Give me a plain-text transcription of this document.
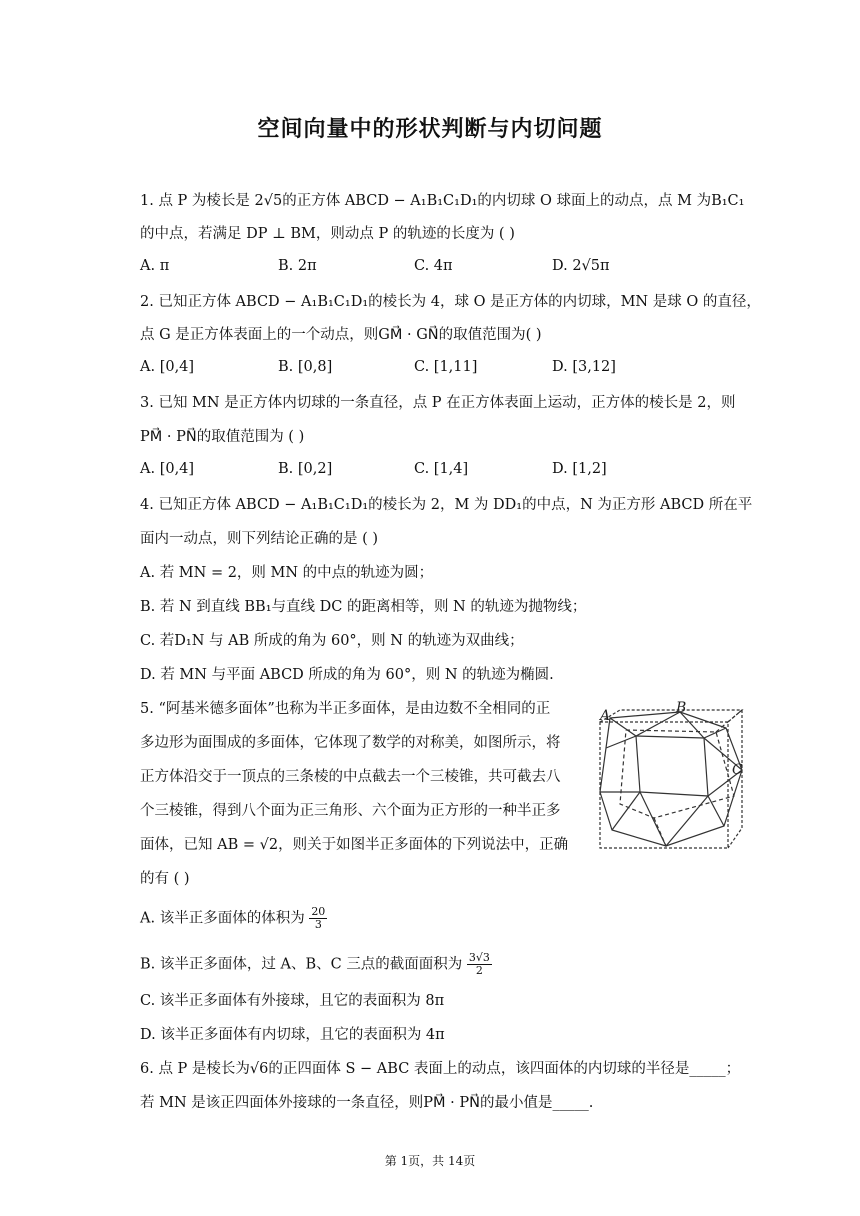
空间向量中的形状判断与内切问题
1. 点 P 为棱长是 2√5的正方体 ABCD − A₁B₁C₁D₁的内切球 O 球面上的动点，点 M 为B₁C₁
的中点，若满足 DP ⊥ BM，则动点 P 的轨迹的长度为 ( )
A. π	B. 2π	C. 4π	D. 2√5π
2. 已知正方体 ABCD − A₁B₁C₁D₁的棱长为 4，球 O 是正方体的内切球，MN 是球 O 的直径，
点 G 是正方体表面上的一个动点，则GM⃗ · GN⃗的取值范围为( )
A. [0,4]	B. [0,8]	C. [1,11]	D. [3,12]
3. 已知 MN 是正方体内切球的一条直径，点 P 在正方体表面上运动，正方体的棱长是 2，则
PM⃗ · PN⃗的取值范围为 ( )
A. [0,4]	B. [0,2]	C. [1,4]	D. [1,2]
4. 已知正方体 ABCD − A₁B₁C₁D₁的棱长为 2，M 为 DD₁的中点，N 为正方形 ABCD 所在平
面内一动点，则下列结论正确的是 ( )
A. 若 MN = 2，则 MN 的中点的轨迹为圆；
B. 若 N 到直线 BB₁与直线 DC 的距离相等，则 N 的轨迹为抛物线；
C. 若D₁N 与 AB 所成的角为 60°，则 N 的轨迹为双曲线；
D. 若 MN 与平面 ABCD 所成的角为 60°，则 N 的轨迹为椭圆.
5. “阿基米德多面体”也称为半正多面体，是由边数不全相同的正
多边形为面围成的多面体，它体现了数学的对称美，如图所示，将
正方体沿交于一顶点的三条棱的中点截去一个三棱锥，共可截去八
个三棱锥，得到八个面为正三角形、六个面为正方形的一种半正多
面体，已知 AB = √2，则关于如图半正多面体的下列说法中，正确
的有 ( )
A. 该半正多面体的体积为 $\frac{20}{3}$
B. 该半正多面体，过 A、B、C 三点的截面面积为 $\frac{3√3}{2}$
C. 该半正多面体有外接球，且它的表面积为 8π
D. 该半正多面体有内切球，且它的表面积为 4π
A	B
C
6. 点 P 是棱长为√6的正四面体 S − ABC 表面上的动点，该四面体的内切球的半径是_____；
若 MN 是该正四面体外接球的一条直径，则PM⃗ · PN⃗的最小值是_____.
第 1页，共 14页
